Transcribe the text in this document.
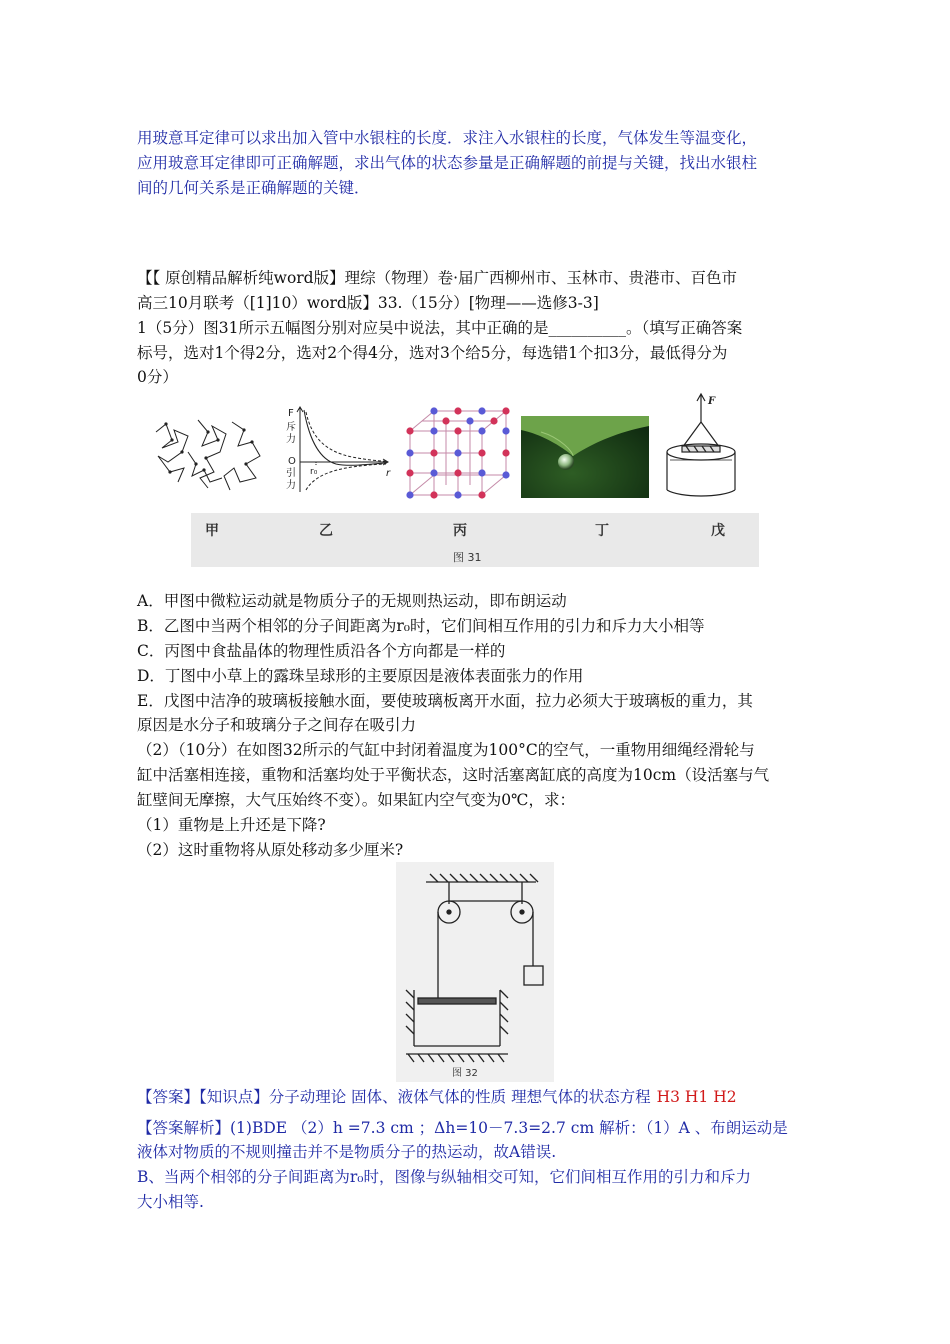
用玻意耳定律可以求出加入管中水银柱的长度．求注入水银柱的长度，气体发生等温变化，
应用玻意耳定律即可正确解题，求出气体的状态参量是正确解题的前提与关键，找出水银柱
间的几何关系是正确解题的关键．
【【 原创精品解析纯word版】理综（物理）卷·届广西柳州市、玉林市、贵港市、百色市
高三10月联考（[1]10）word版】33.（15分）[物理——选修3-3]
1（5分）图31所示五幅图分别对应吴中说法，其中正确的是__________。（填写正确答案
标号，选对1个得2分，选对2个得4分，选对3个给5分，每选错1个扣3分，最低得分为
0分）
F
斥
力
O
引
力
r₀	r
F
甲	乙	丙	丁	戊
图 31
A．甲图中微粒运动就是物质分子的无规则热运动，即布朗运动
B．乙图中当两个相邻的分子间距离为r₀时，它们间相互作用的引力和斥力大小相等
C．丙图中食盐晶体的物理性质沿各个方向都是一样的
D．丁图中小草上的露珠呈球形的主要原因是液体表面张力的作用
E．戊图中洁净的玻璃板接触水面，要使玻璃板离开水面，拉力必须大于玻璃板的重力，其
原因是水分子和玻璃分子之间存在吸引力
（2）（10分）在如图32所示的气缸中封闭着温度为100°C的空气，一重物用细绳经滑轮与
缸中活塞相连接，重物和活塞均处于平衡状态，这时活塞离缸底的高度为10cm（设活塞与气
缸壁间无摩擦，大气压始终不变）。如果缸内空气变为0℃，求：
（1）重物是上升还是下降?
（2）这时重物将从原处移动多少厘米?
图 32
【答案】【知识点】分子动理论 固体、液体气体的性质 理想气体的状态方程 H3 H1 H2
【答案解析】(1)BDE （2）h =7.3 cm ；Δh=10－7.3=2.7 cm 解析：（1）A 、布朗运动是
液体对物质的不规则撞击并不是物质分子的热运动，故A错误.
B、当两个相邻的分子间距离为r₀时，图像与纵轴相交可知，它们间相互作用的引力和斥力
大小相等.
